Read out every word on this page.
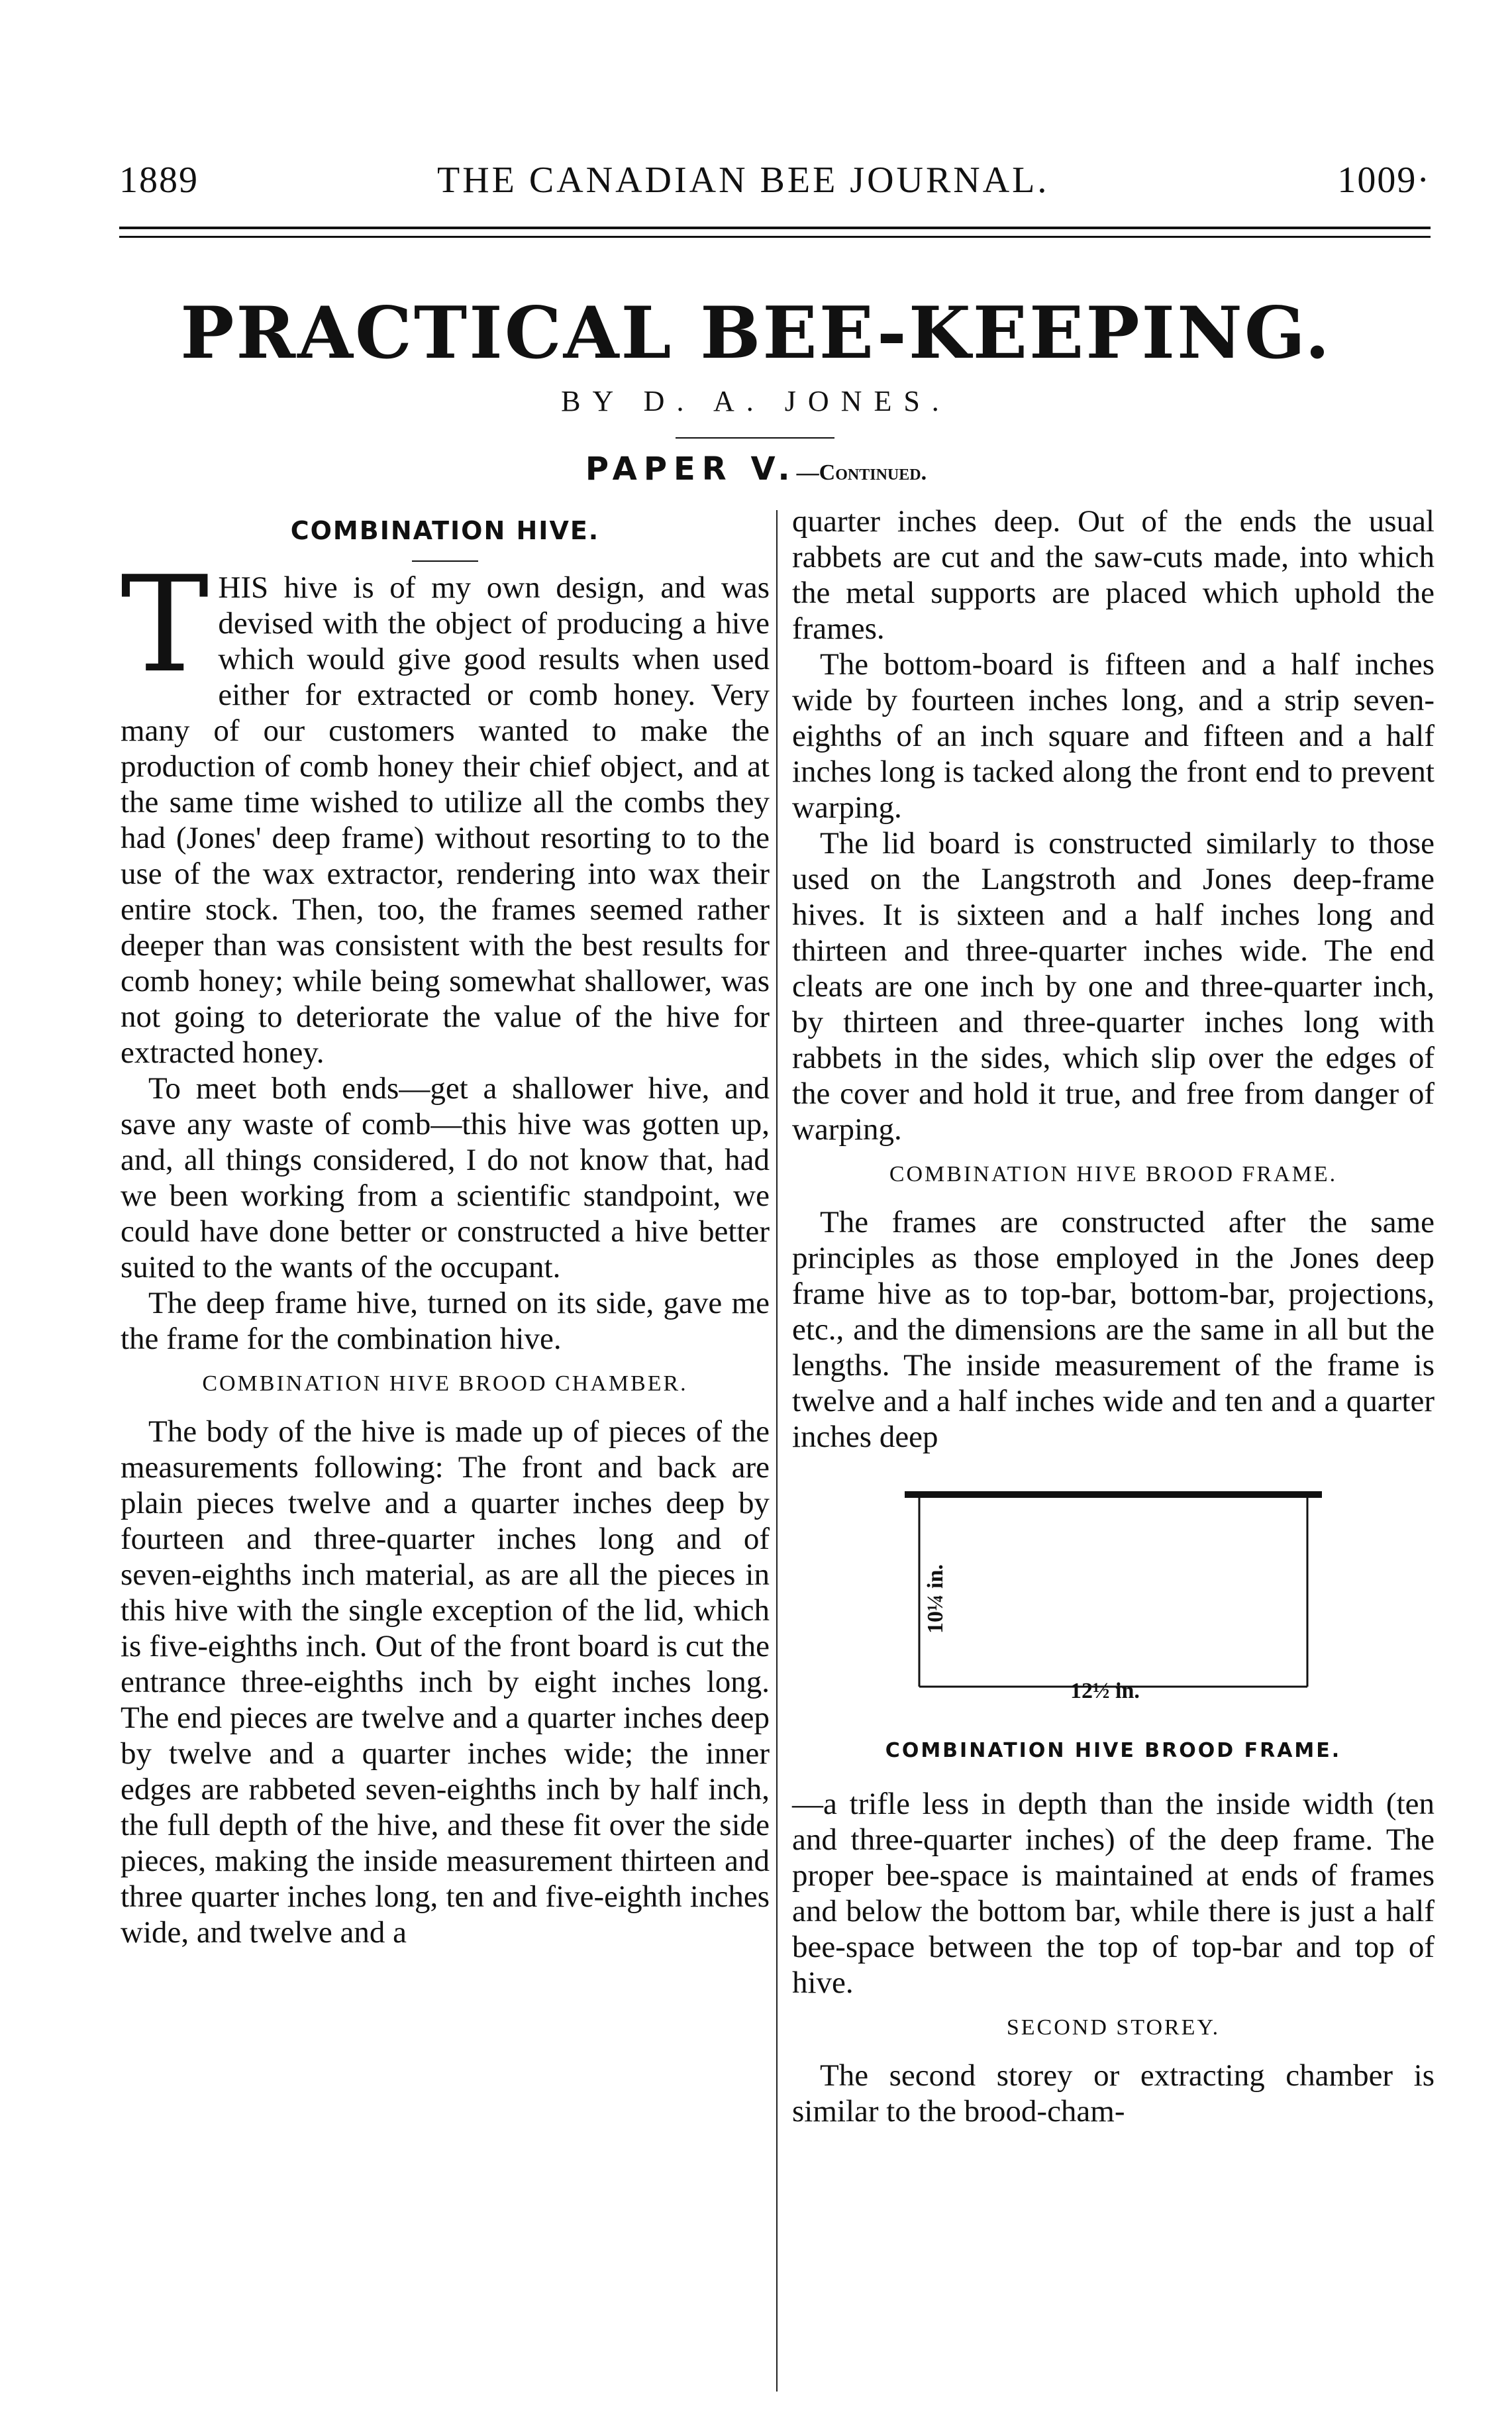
1889	THE CANADIAN BEE JOURNAL.	1009·
PRACTICAL BEE-KEEPING.
BY D. A. JONES.
PAPER V.—Continued.
COMBINATION HIVE.

THIS hive is of my own design, and was devised with the object of producing a hive which would give good results when used either for extracted or comb honey. Very many of our customers wanted to make the production of comb honey their chief object, and at the same time wished to utilize all the combs they had (Jones' deep frame) without resorting to to the use of the wax extractor, rendering into wax their entire stock. Then, too, the frames seemed rather deeper than was consistent with the best results for comb honey; while being somewhat shallower, was not going to deteriorate the value of the hive for extracted honey.

To meet both ends—get a shallower hive, and save any waste of comb—this hive was gotten up, and, all things considered, I do not know that, had we been working from a scientific standpoint, we could have done better or constructed a hive better suited to the wants of the occupant.

The deep frame hive, turned on its side, gave me the frame for the combination hive.

COMBINATION HIVE BROOD CHAMBER.

The body of the hive is made up of pieces of the measurements following: The front and back are plain pieces twelve and a quarter inches deep by fourteen and three-quarter inches long and of seven-eighths inch material, as are all the pieces in this hive with the single exception of the lid, which is five-eighths inch. Out of the front board is cut the entrance three-eighths inch by eight inches long. The end pieces are twelve and a quarter inches deep by twelve and a quarter inches wide; the inner edges are rabbeted seven-eighths inch by half inch, the full depth of the hive, and these fit over the side pieces, making the inside measurement thirteen and three quarter inches long, ten and five-eighth inches wide, and twelve and a

quarter inches deep. Out of the ends the usual rabbets are cut and the saw-cuts made, into which the metal supports are placed which uphold the frames.

The bottom-board is fifteen and a half inches wide by fourteen inches long, and a strip seven-eighths of an inch square and fifteen and a half inches long is tacked along the front end to prevent warping.

The lid board is constructed similarly to those used on the Langstroth and Jones deep-frame hives. It is sixteen and a half inches long and thirteen and three-quarter inches wide. The end cleats are one inch by one and three-quarter inch, by thirteen and three-quarter inches long with rabbets in the sides, which slip over the edges of the cover and hold it true, and free from danger of warping.

COMBINATION HIVE BROOD FRAME.

The frames are constructed after the same principles as those employed in the Jones deep frame hive as to top-bar, bottom-bar, projections, etc., and the dimensions are the same in all but the lengths. The inside measurement of the frame is twelve and a half inches wide and ten and a quarter inches deep

10¼ in.
12½ in.
COMBINATION HIVE BROOD FRAME.

—a trifle less in depth than the inside width (ten and three-quarter inches) of the deep frame. The proper bee-space is maintained at ends of frames and below the bottom bar, while there is just a half bee-space between the top of top-bar and top of hive.

SECOND STOREY.

The second storey or extracting chamber is similar to the brood-cham-
